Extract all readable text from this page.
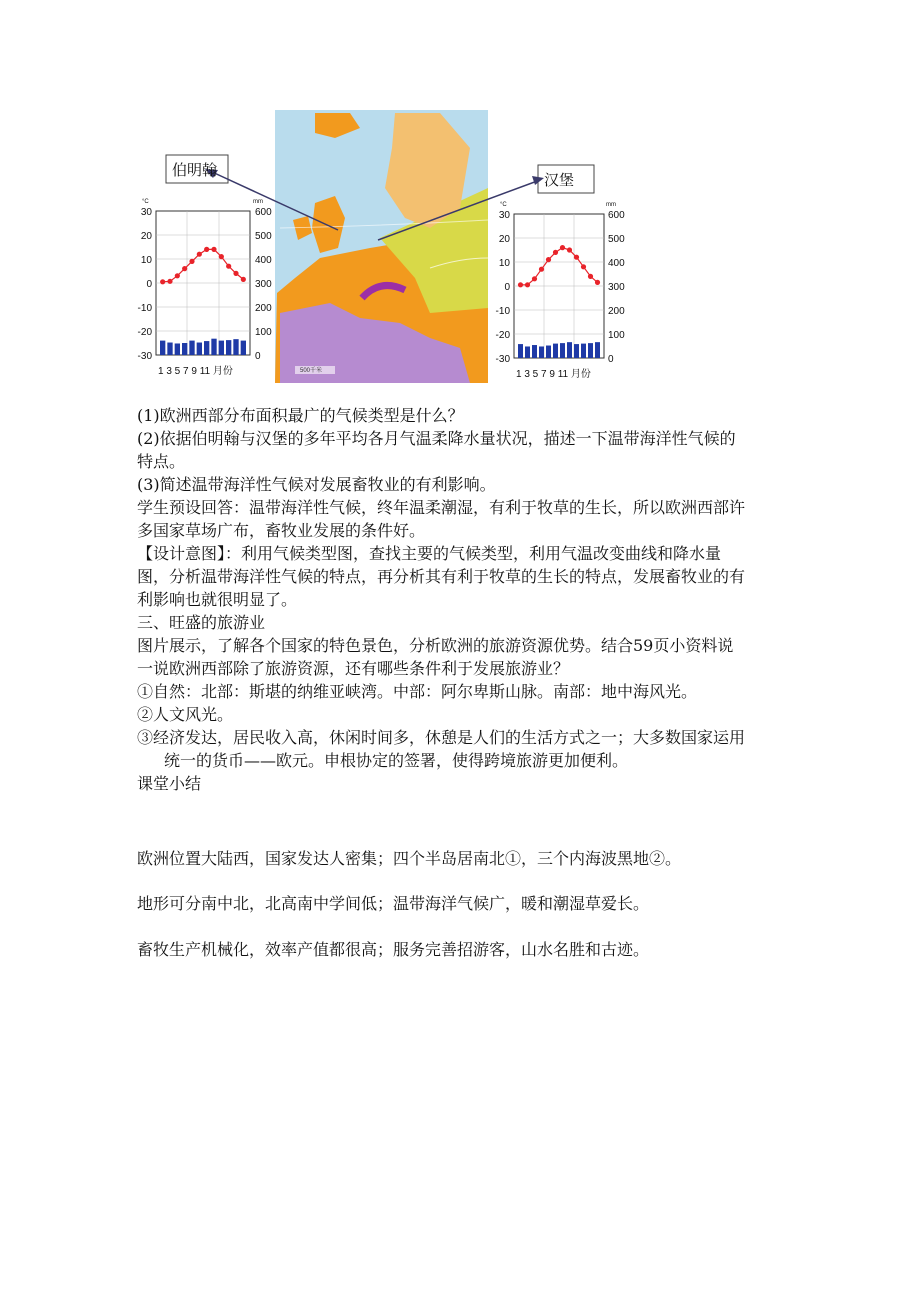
伯明翰
汉堡
500千米
30
20
10
0
-10
-20
-30
°C
600
500
400
300
200
100
0
mm
1 3 5 7 9 11 月份
30
20
10
0
-10
-20
-30
°C
600
500
400
300
200
100
0
mm
1 3 5 7 9 11 月份
(1)欧洲西部分布面积最广的气候类型是什么？
(2)依据伯明翰与汉堡的多年平均各月气温柔降水量状况，描述一下温带海洋性气候的
特点。
(3)简述温带海洋性气候对发展畜牧业的有利影响。
学生预设回答：温带海洋性气候，终年温柔潮湿，有利于牧草的生长，所以欧洲西部许
多国家草场广布，畜牧业发展的条件好。
【设计意图】：利用气候类型图，查找主要的气候类型，利用气温改变曲线和降水量
图，分析温带海洋性气候的特点，再分析其有利于牧草的生长的特点，发展畜牧业的有
利影响也就很明显了。
三、旺盛的旅游业
图片展示，了解各个国家的特色景色，分析欧洲的旅游资源优势。结合59页小资料说
一说欧洲西部除了旅游资源，还有哪些条件利于发展旅游业？
①自然：北部：斯堪的纳维亚峡湾。中部：阿尔卑斯山脉。南部：地中海风光。
②人文风光。
③经济发达，居民收入高，休闲时间多，休憩是人们的生活方式之一；大多数国家运用
统一的货币——欧元。申根协定的签署，使得跨境旅游更加便利。
课堂小结
欧洲位置大陆西，国家发达人密集；四个半岛居南北①，三个内海波黑地②。
地形可分南中北，北高南中学间低；温带海洋气候广，暖和潮湿草爱长。
畜牧生产机械化，效率产值都很高；服务完善招游客，山水名胜和古迹。
